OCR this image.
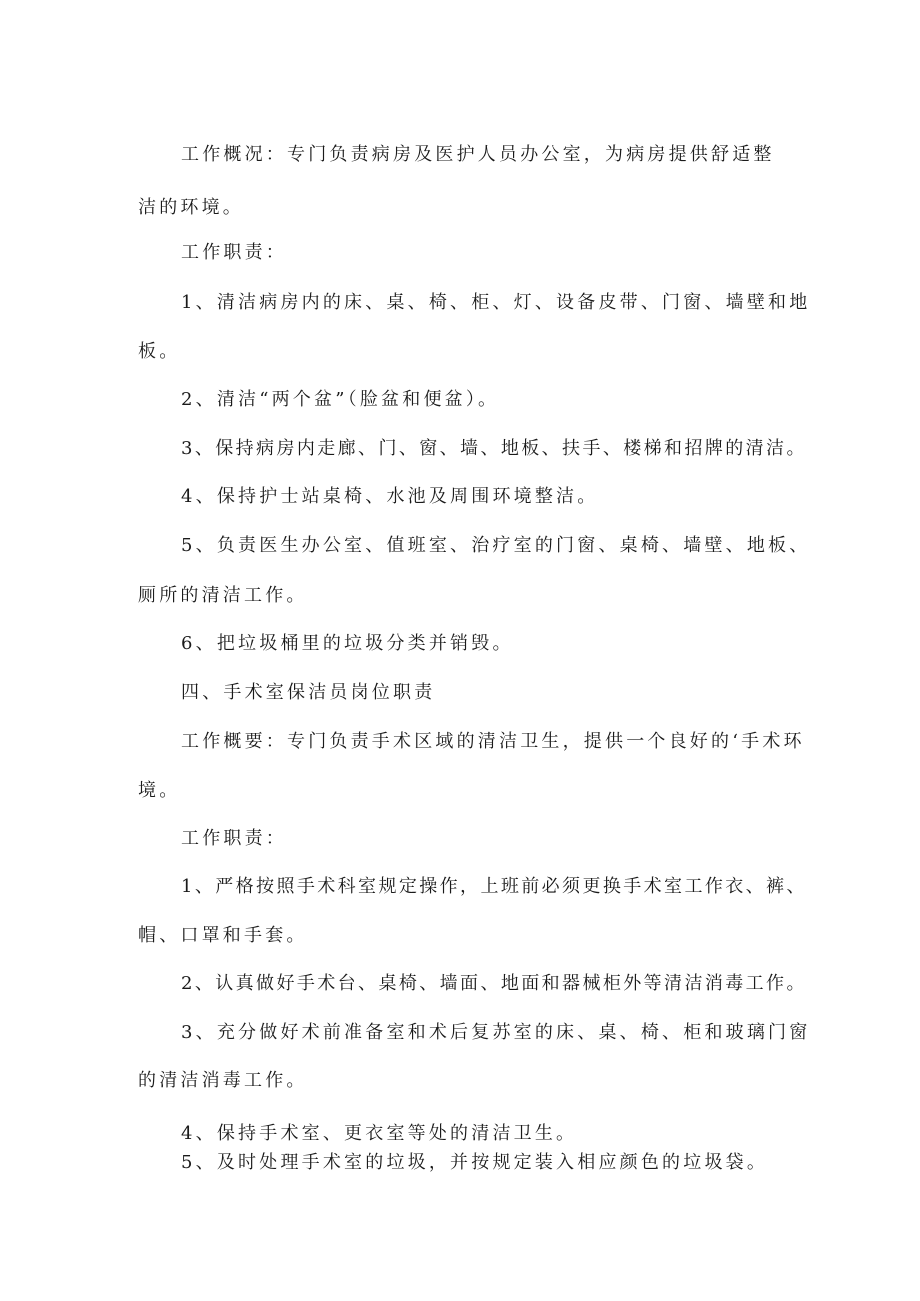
工作概况：专门负责病房及医护人员办公室，为病房提供舒适整
洁的环境。
工作职责：
1、清洁病房内的床、桌、椅、柜、灯、设备皮带、门窗、墙壁和地
板。
2、清洁“两个盆”（脸盆和便盆）。
3、保持病房内走廊、门、窗、墙、地板、扶手、楼梯和招牌的清洁。
4、保持护士站桌椅、水池及周围环境整洁。
5、负责医生办公室、值班室、治疗室的门窗、桌椅、墙壁、地板、
厕所的清洁工作。
6、把垃圾桶里的垃圾分类并销毁。
四、手术室保洁员岗位职责
工作概要：专门负责手术区域的清洁卫生，提供一个良好的‘手术环
境。
工作职责：
1、严格按照手术科室规定操作，上班前必须更换手术室工作衣、裤、
帽、口罩和手套。
2、认真做好手术台、桌椅、墙面、地面和器械柜外等清洁消毒工作。
3、充分做好术前准备室和术后复苏室的床、桌、椅、柜和玻璃门窗
的清洁消毒工作。
4、保持手术室、更衣室等处的清洁卫生。
5、及时处理手术室的垃圾，并按规定装入相应颜色的垃圾袋。
